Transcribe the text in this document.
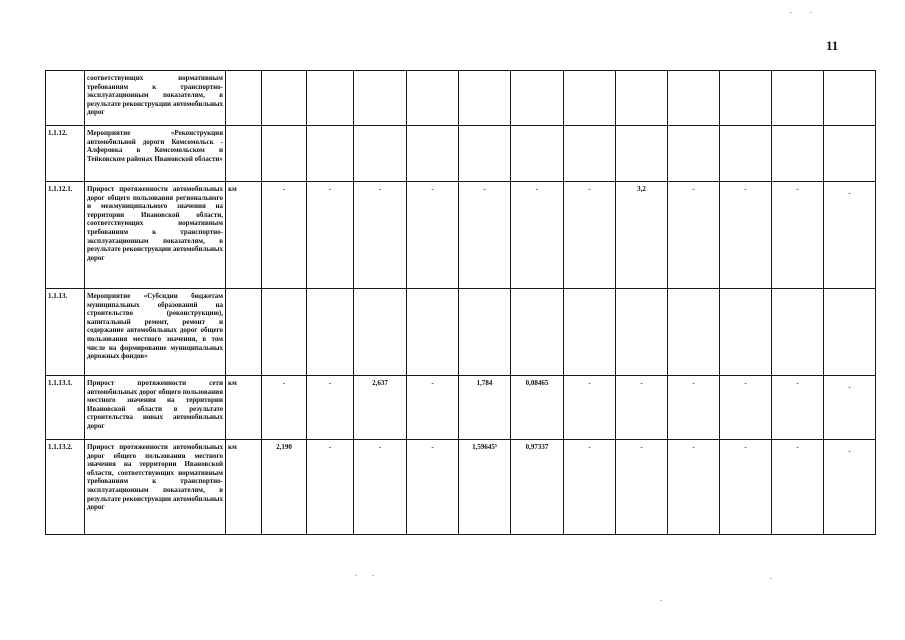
11
	соответствующих нормативным требованиям к транспортно-эксплуатационным показателям, в результате реконструкции автомобильных дорог													
1.1.12.	Мероприятие «Реконструкция автомобильной дороги Комсомольск - Алферовка в Комсомольском и Тейковском районах Ивановской области»													
1.1.12.1.	Прирост протяженности автомобильных дорог общего пользования регионального и межмуниципального значения на территории Ивановской области, соответствующих нормативным требованиям к транспортно-эксплуатационным показателям, в результате реконструкции автомобильных дорог	км	-	-	-	-	-	-	-	3,2	-	-	-	-
1.1.13.	Мероприятие «Субсидии бюджетам муниципальных образований на строительство (реконструкцию), капитальный ремонт, ремонт и содержание автомобильных дорог общего пользования местного значения, в том числе на формирование муниципальных дорожных фондов»													
1.1.13.1.	Прирост протяженности сети автомобильных дорог общего пользования местного значения на территории Ивановской области в результате строительства новых автомобильных дорог	км	-	-	2,637	-	1,784	0,08465	-	-	-	-	-	-
1.1.13.2.	Прирост протяженности автомобильных дорог общего пользования местного значения на территории Ивановской области, соответствующих нормативным требованиям к транспортно-эксплуатационным показателям, в результате реконструкции автомобильных дорог	км	2,190	-	-	-	1,59645⁵	0,97337	-	-	-	-	-	-
